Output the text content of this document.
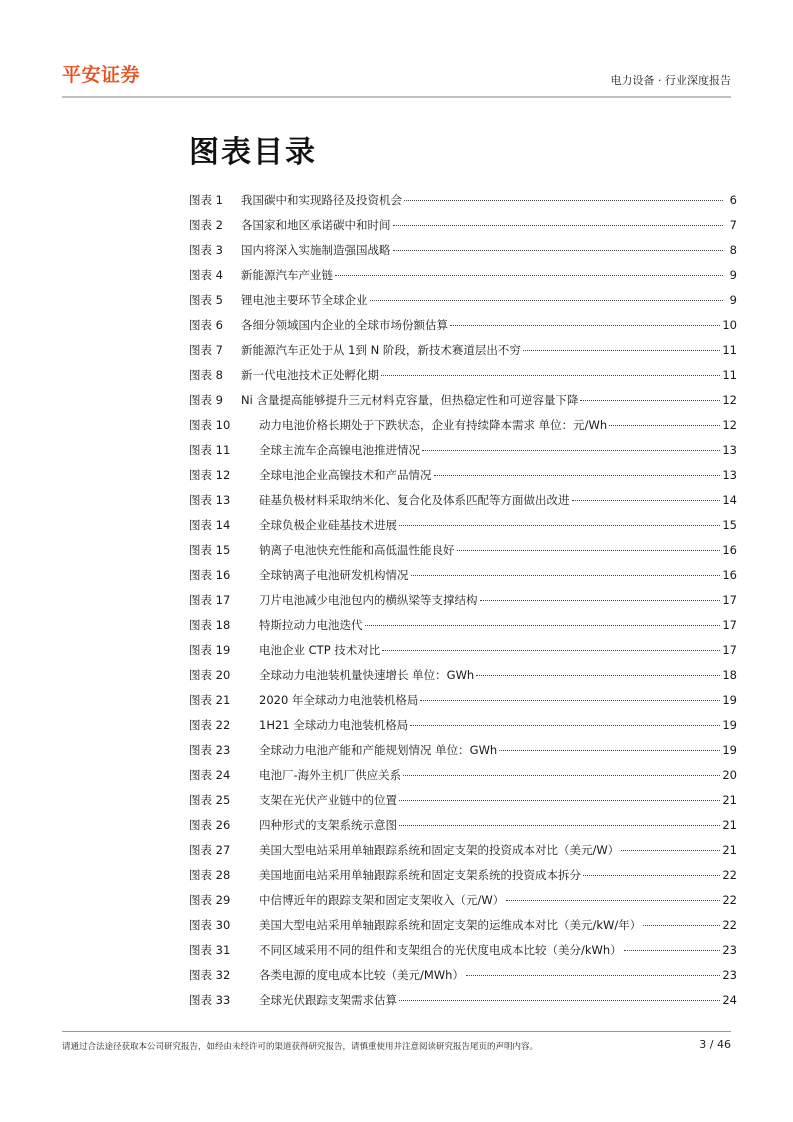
平安证券	电力设备 · 行业深度报告
图表目录
图表 1	我国碳中和实现路径及投资机会	6
图表 2	各国家和地区承诺碳中和时间	7
图表 3	国内将深入实施制造强国战略	8
图表 4	新能源汽车产业链	9
图表 5	锂电池主要环节全球企业	9
图表 6	各细分领域国内企业的全球市场份额估算	10
图表 7	新能源汽车正处于从 1到 N 阶段，新技术赛道层出不穷	11
图表 8	新一代电池技术正处孵化期	11
图表 9	Ni 含量提高能够提升三元材料克容量，但热稳定性和可逆容量下降	12
图表 10	动力电池价格长期处于下跌状态，企业有持续降本需求 单位：元/Wh	12
图表 11	全球主流车企高镍电池推进情况	13
图表 12	全球电池企业高镍技术和产品情况	13
图表 13	硅基负极材料采取纳米化、复合化及体系匹配等方面做出改进	14
图表 14	全球负极企业硅基技术进展	15
图表 15	钠离子电池快充性能和高低温性能良好	16
图表 16	全球钠离子电池研发机构情况	16
图表 17	刀片电池减少电池包内的横纵梁等支撑结构	17
图表 18	特斯拉动力电池迭代	17
图表 19	电池企业 CTP 技术对比	17
图表 20	全球动力电池装机量快速增长 单位：GWh	18
图表 21	2020 年全球动力电池装机格局	19
图表 22	1H21 全球动力电池装机格局	19
图表 23	全球动力电池产能和产能规划情况 单位：GWh	19
图表 24	电池厂-海外主机厂供应关系	20
图表 25	支架在光伏产业链中的位置	21
图表 26	四种形式的支架系统示意图	21
图表 27	美国大型电站采用单轴跟踪系统和固定支架的投资成本对比（美元/W）	21
图表 28	美国地面电站采用单轴跟踪系统和固定支架系统的投资成本拆分	22
图表 29	中信博近年的跟踪支架和固定支架收入（元/W）	22
图表 30	美国大型电站采用单轴跟踪系统和固定支架的运维成本对比（美元/kW/年）	22
图表 31	不同区域采用不同的组件和支架组合的光伏度电成本比较（美分/kWh）	23
图表 32	各类电源的度电成本比较（美元/MWh）	23
图表 33	全球光伏跟踪支架需求估算	24
请通过合法途径获取本公司研究报告，如经由未经许可的渠道获得研究报告，请慎重使用并注意阅读研究报告尾页的声明内容。	3 / 46
